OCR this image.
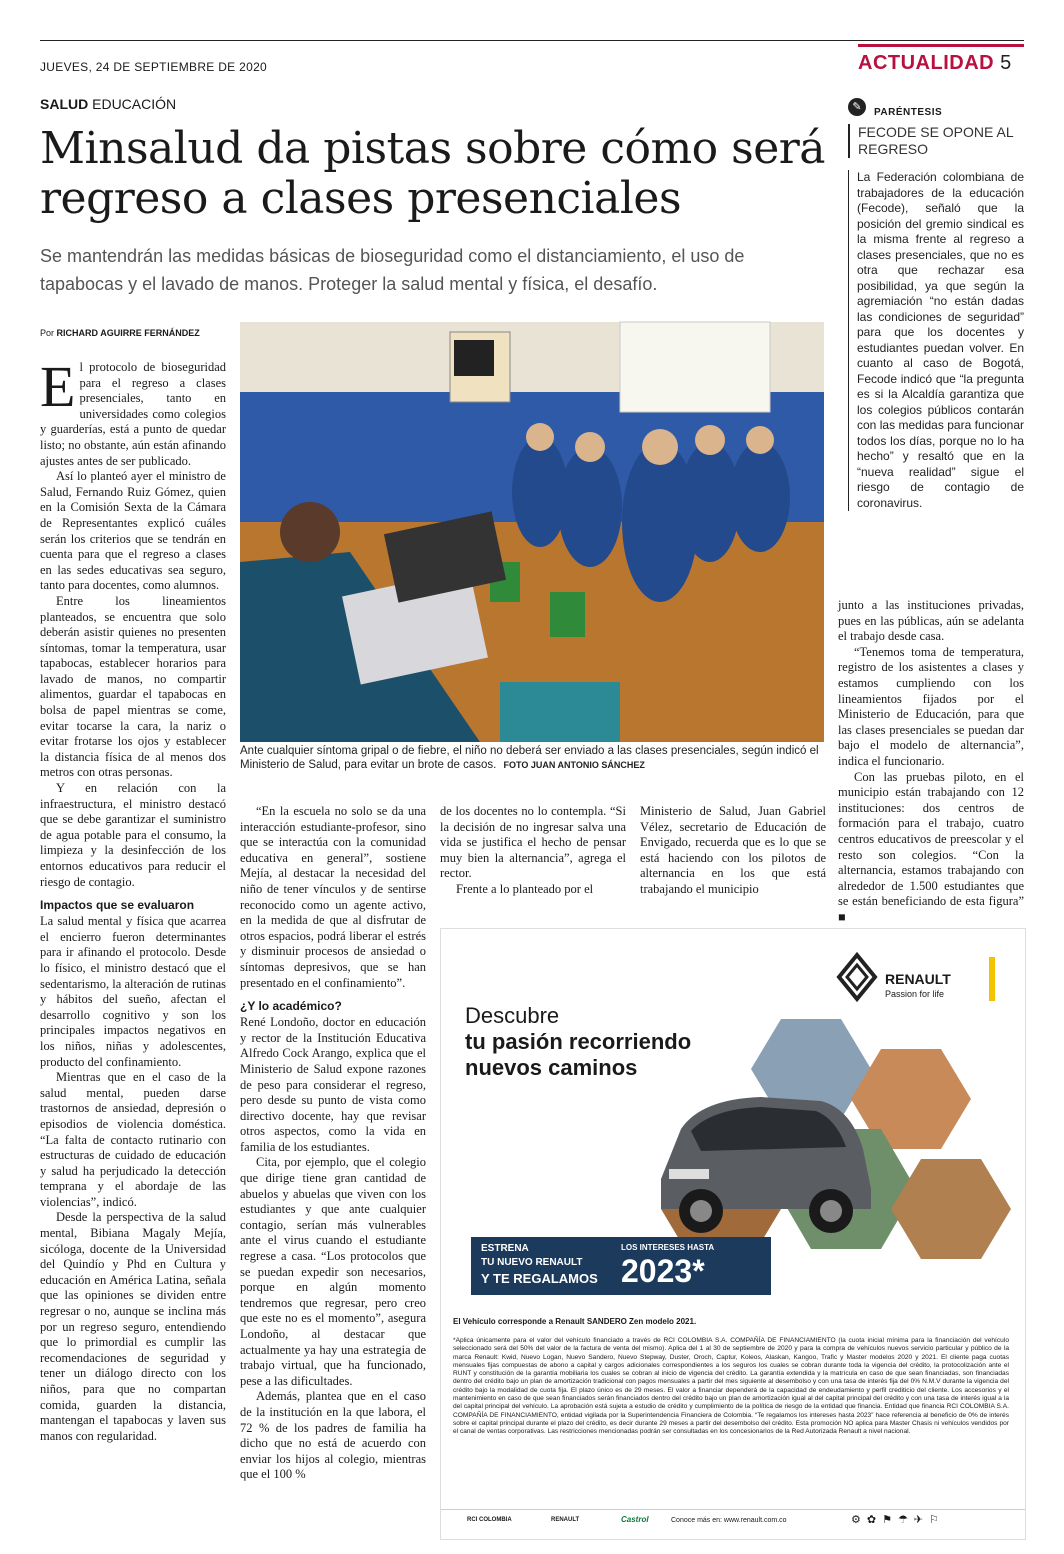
JUEVES, 24 DE SEPTIEMBRE DE 2020	ACTUALIDAD 5
SALUD EDUCACIÓN
Minsalud da pistas sobre cómo será regreso a clases presenciales
Se mantendrán las medidas básicas de bioseguridad como el distanciamiento, el uso de tapabocas y el lavado de manos. Proteger la salud mental y física, el desafío.
Por RICHARD AGUIRRE FERNÁNDEZ
E l protocolo de bioseguridad para el regreso a clases presenciales, tanto en universidades como colegios y guarderías, está a punto de quedar listo; no obstante, aún están afinando ajustes antes de ser publicado.

Así lo planteó ayer el ministro de Salud, Fernando Ruiz Gómez, quien en la Comisión Sexta de la Cámara de Representantes explicó cuáles serán los criterios que se tendrán en cuenta para que el regreso a clases en las sedes educativas sea seguro, tanto para docentes, como alumnos.

Entre los lineamientos planteados, se encuentra que solo deberán asistir quienes no presenten síntomas, tomar la temperatura, usar tapabocas, establecer horarios para lavado de manos, no compartir alimentos, guardar el tapabocas en bolsa de papel mientras se come, evitar tocarse la cara, la nariz o evitar frotarse los ojos y establecer la distancia física de al menos dos metros con otras personas.

Y en relación con la infraestructura, el ministro destacó que se debe garantizar el suministro de agua potable para el consumo, la limpieza y la desinfección de los entornos educativos para reducir el riesgo de contagio.

Impactos que se evaluaron

La salud mental y física que acarrea el encierro fueron determinantes para ir afinando el protocolo. Desde lo físico, el ministro destacó que el sedentarismo, la alteración de rutinas y hábitos del sueño, afectan el desarrollo cognitivo y son los principales impactos negativos en los niños, niñas y adolescentes, producto del confinamiento.

Mientras que en el caso de la salud mental, pueden darse trastornos de ansiedad, depresión o episodios de violencia doméstica. “La falta de contacto rutinario con estructuras de cuidado de educación y salud ha perjudicado la detección temprana y el abordaje de las violencias”, indicó.

Desde la perspectiva de la salud mental, Bibiana Magaly Mejía, sicóloga, docente de la Universidad del Quindío y Phd en Cultura y educación en América Latina, señala que las opiniones se dividen entre regresar o no, aunque se inclina más por un regreso seguro, entendiendo que lo primordial es cumplir las recomendaciones de seguridad y tener un diálogo directo con los niños, para que no compartan comida, guarden la distancia, mantengan el tapabocas y laven sus manos con regularidad.

Ante cualquier síntoma gripal o de fiebre, el niño no deberá ser enviado a las clases presenciales, según indicó el Ministerio de Salud, para evitar un brote de casos. FOTO JUAN ANTONIO SÁNCHEZ

“En la escuela no solo se da una interacción estudiante-profesor, sino que se interactúa con la comunidad educativa en general”, sostiene Mejía, al destacar la necesidad del niño de tener vínculos y de sentirse reconocido como un agente activo, en la medida de que al disfrutar de otros espacios, podrá liberar el estrés y disminuir procesos de ansiedad o síntomas depresivos, que se han presentado en el confinamiento”.

¿Y lo académico?

René Londoño, doctor en educación y rector de la Institución Educativa Alfredo Cock Arango, explica que el Ministerio de Salud expone razones de peso para considerar el regreso, pero desde su punto de vista como directivo docente, hay que revisar otros aspectos, como la vida en familia de los estudiantes.

Cita, por ejemplo, que el colegio que dirige tiene gran cantidad de abuelos y abuelas que viven con los estudiantes y que ante cualquier contagio, serían más vulnerables ante el virus cuando el estudiante regrese a casa. “Los protocolos que se puedan expedir son necesarios, porque en algún momento tendremos que regresar, pero creo que este no es el momento”, asegura Londoño, al destacar que actualmente ya hay una estrategia de trabajo virtual, que ha funcionado, pese a las dificultades.

Además, plantea que en el caso de la institución en la que labora, el 72 % de los padres de familia ha dicho que no está de acuerdo con enviar los hijos al colegio, mientras que el 100 %

de los docentes no lo contempla. “Si la decisión de no ingresar salva una vida se justifica el hecho de pensar muy bien la alternancia”, agrega el rector.

Frente a lo planteado por el

Ministerio de Salud, Juan Gabriel Vélez, secretario de Educación de Envigado, recuerda que es lo que se está haciendo con los pilotos de alternancia en los que está trabajando el municipio

junto a las instituciones privadas, pues en las públicas, aún se adelanta el trabajo desde casa.

“Tenemos toma de temperatura, registro de los asistentes a clases y estamos cumpliendo con los lineamientos fijados por el Ministerio de Educación, para que las clases presenciales se puedan dar bajo el modelo de alternancia”, indica el funcionario.

Con las pruebas piloto, en el municipio están trabajando con 12 instituciones: dos centros de formación para el trabajo, cuatro centros educativos de preescolar y el resto son colegios. “Con la alternancia, estamos trabajando con alrededor de 1.500 estudiantes que se están beneficiando de esta figura” ■

✎	PARÉNTESIS
FECODE SE OPONE AL REGRESO
La Federación colombiana de trabajadores de la educación (Fecode), señaló que la posición del gremio sindical es la misma frente al regreso a clases presenciales, que no es otra que rechazar esa posibilidad, ya que según la agremiación “no están dadas las condiciones de seguridad” para que los docentes y estudiantes puedan volver. En cuanto al caso de Bogotá, Fecode indicó que “la pregunta es si la Alcaldía garantiza que los colegios públicos contarán con las medidas para funcionar todos los días, porque no lo ha hecho” y resaltó que en la “nueva realidad” sigue el riesgo de contagio de coronavirus.
RENAULT
Passion for life
Descubre
tu pasión recorriendo
nuevos caminos
ESTRENA
TU NUEVO RENAULT
Y TE REGALAMOS
LOS INTERESES HASTA
2023*
El Vehículo corresponde a Renault SANDERO Zen modelo 2021.
*Aplica únicamente para el valor del vehículo financiado a través de RCI COLOMBIA S.A. COMPAÑÍA DE FINANCIAMIENTO (la cuota inicial mínima para la financiación del vehículo seleccionado será del 50% del valor de la factura de venta del mismo). Aplica del 1 al 30 de septiembre de 2020 y para la compra de vehículos nuevos servicio particular y público de la marca Renault: Kwid, Nuevo Logan, Nuevo Sandero, Nuevo Stepway, Duster, Oroch, Captur, Koleos, Alaskan, Kangoo, Trafic y Master modelos 2020 y 2021. El cliente paga cuotas mensuales fijas compuestas de abono a capital y cargos adicionales correspondientes a los seguros los cuales se cobran durante toda la vigencia del crédito, la protocolización ante el RUNT y constitución de la garantía mobiliaria los cuales se cobran al inicio de vigencia del crédito. La garantía extendida y la matrícula en caso de que sean financiadas, son financiadas dentro del crédito bajo un plan de amortización tradicional con pagos mensuales a partir del mes siguiente al desembolso y con una tasa de interés fija del 0% N.M.V durante la vigencia del crédito bajo la modalidad de cuota fija. El plazo único es de 29 meses. El valor a financiar dependerá de la capacidad de endeudamiento y perfil crediticio del cliente. Los accesorios y el mantenimiento en caso de que sean financiados serán financiados dentro del crédito bajo un plan de amortización igual al del capital principal del crédito y con una tasa de interés igual a la del capital principal del vehículo. La aprobación está sujeta a estudio de crédito y cumplimiento de la política de riesgo de la entidad que financia. Entidad que financia RCI COLOMBIA S.A. COMPAÑÍA DE FINANCIAMIENTO, entidad vigilada por la Superintendencia Financiera de Colombia. “Te regalamos los intereses hasta 2023” hace referencia al beneficio de 0% de interés sobre el capital principal durante el plazo del crédito, es decir durante 29 meses a partir del desembolso del crédito. Esta promoción NO aplica para Master Chasis ni vehículos vendidos por el canal de ventas corporativas. Las restricciones mencionadas podrán ser consultadas en los concesionarios de la Red Autorizada Renault a nivel nacional.
RCI COLOMBIA	RENAULT	Castrol	Conoce más en: www.renault.com.co	⚙✿⚑☂✈⚐
